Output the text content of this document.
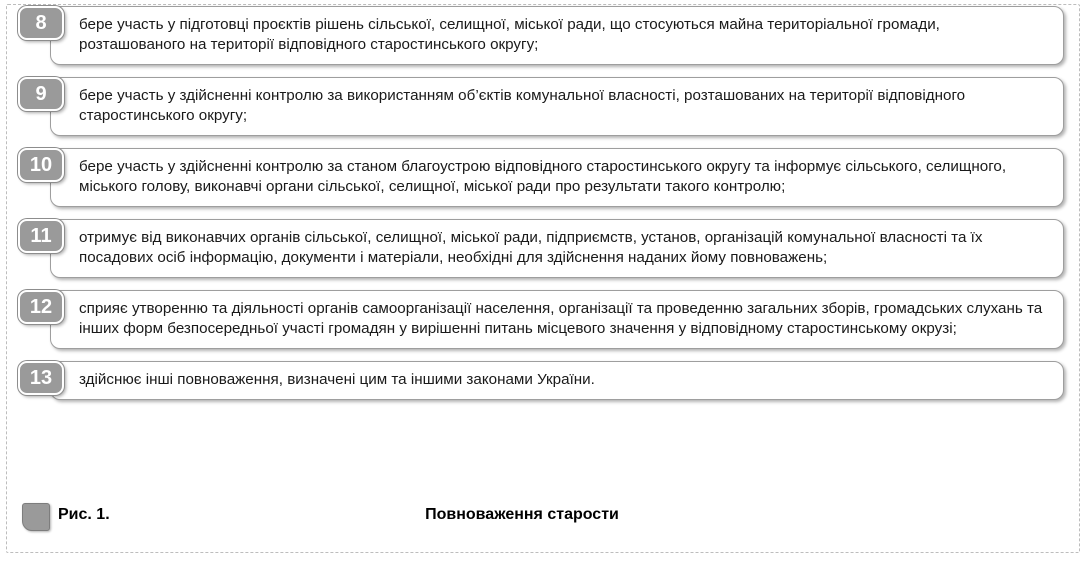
8	бере участь у підготовці проєктів рішень сільської, селищної, міської ради, що стосуються майна територіальної громади, розташованого на території відповідного старостинського округу;

9	бере участь у здійсненні контролю за використанням об’єктів комунальної власності, розташованих на території відповідного старостинського округу;

10	бере участь у здійсненні контролю за станом благоустрою відповідного старостинського округу та інформує сільського, селищного, міського голову, виконавчі органи сільської, селищної, міської ради про результати такого контролю;

11	отримує від виконавчих органів сільської, селищної, міської ради, підприємств, установ, організацій комунальної власності та їх посадових осіб інформацію, документи і матеріали, необхідні для здійснення наданих йому повноважень;

12	сприяє утворенню та діяльності органів самоорганізації населення, організації та проведенню загальних зборів, громадських слухань та інших форм безпосередньої участі громадян у вирішенні питань місцевого значення у відповідному старостинському окрузі;

13	здійснює інші повноваження, визначені цим та іншими законами України.

Рис. 1.	Повноваження старости
